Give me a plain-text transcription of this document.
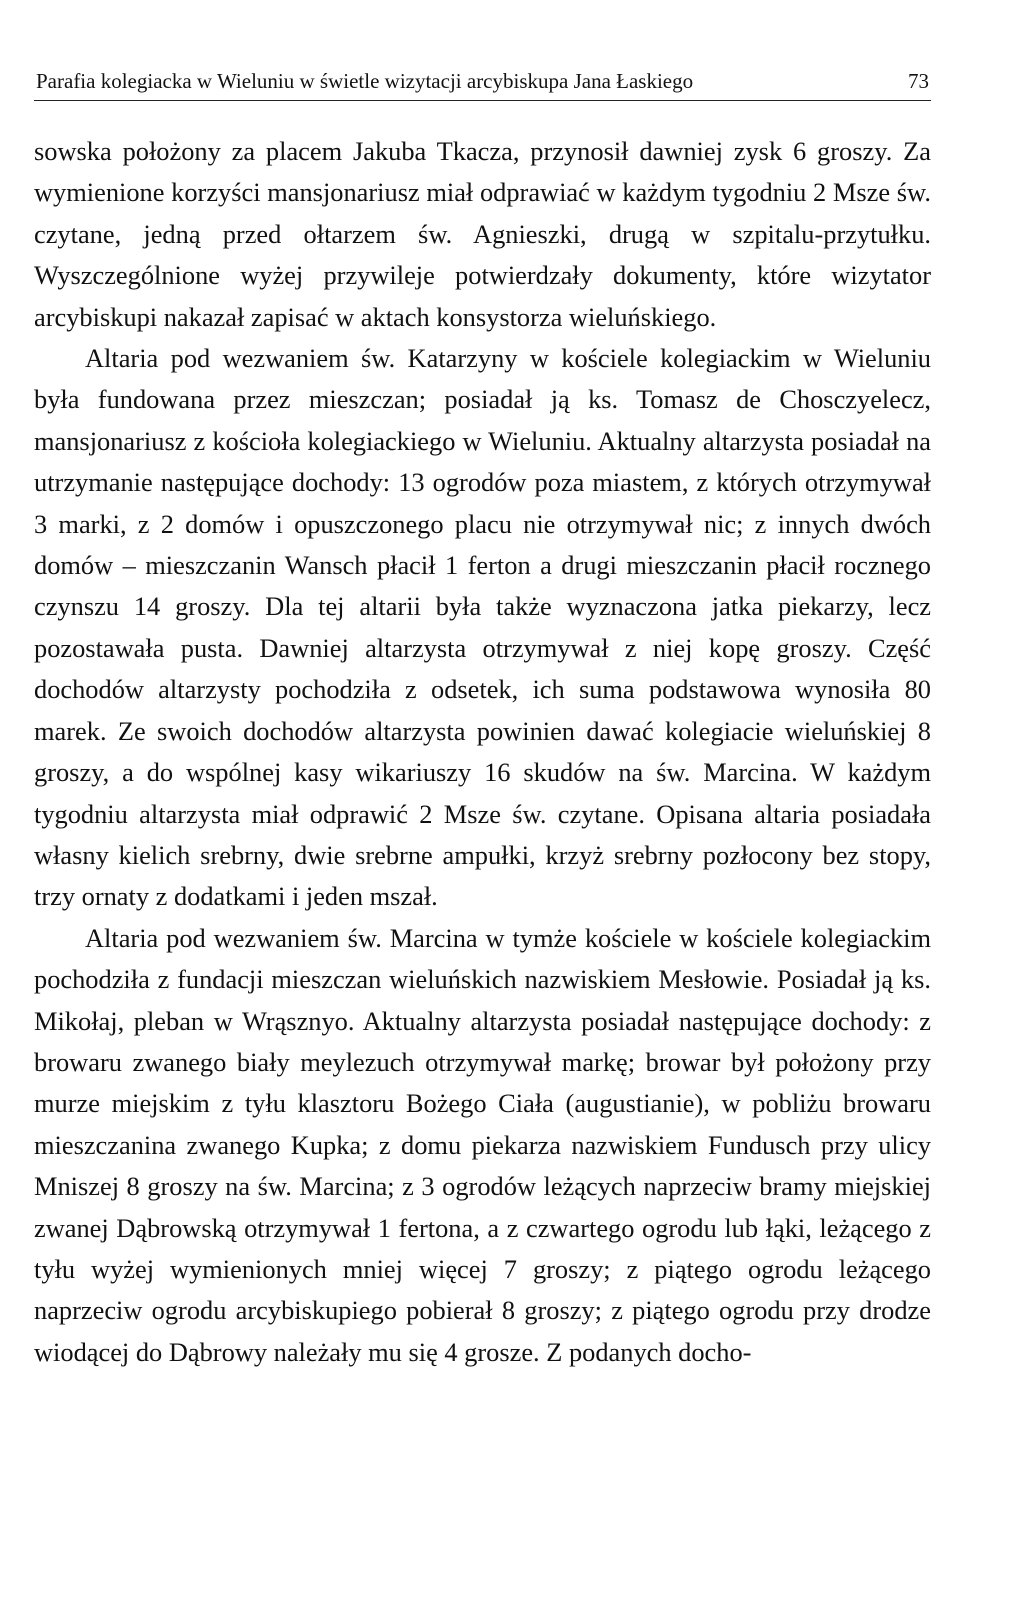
Parafia kolegiacka w Wieluniu w świetle wizytacji arcybiskupa Jana Łaskiego	73

sowska położony za placem Jakuba Tkacza, przynosił dawniej zysk 6 groszy. Za wymienione korzyści mansjonariusz miał odprawiać w każdym tygodniu 2 Msze św. czytane, jedną przed ołtarzem św. Agnieszki, drugą w szpitalu-przytułku. Wyszczególnione wyżej przywileje potwierdzały dokumenty, które wizytator arcybiskupi nakazał zapisać w aktach konsystorza wieluńskiego.

Altaria pod wezwaniem św. Katarzyny w kościele kolegiackim w Wieluniu była fundowana przez mieszczan; posiadał ją ks. Tomasz de Chosczyelecz, mansjonariusz z kościoła kolegiackiego w Wieluniu. Aktualny altarzysta posiadał na utrzymanie następujące dochody: 13 ogrodów poza miastem, z których otrzymywał 3 marki, z 2 domów i opuszczonego placu nie otrzymywał nic; z innych dwóch domów – mieszczanin Wansch płacił 1 ferton a drugi mieszczanin płacił rocznego czynszu 14 groszy. Dla tej altarii była także wyznaczona jatka piekarzy, lecz pozostawała pusta. Dawniej altarzysta otrzymywał z niej kopę groszy. Część dochodów altarzysty pochodziła z odsetek, ich suma podstawowa wynosiła 80 marek. Ze swoich dochodów altarzysta powinien dawać kolegiacie wieluńskiej 8 groszy, a do wspólnej kasy wikariuszy 16 skudów na św. Marcina. W każdym tygodniu altarzysta miał odprawić 2 Msze św. czytane. Opisana altaria posiadała własny kielich srebrny, dwie srebrne ampułki, krzyż srebrny pozłocony bez stopy, trzy ornaty z dodatkami i jeden mszał.

Altaria pod wezwaniem św. Marcina w tymże kościele w kościele kolegiackim pochodziła z fundacji mieszczan wieluńskich nazwiskiem Mesłowie. Posiadał ją ks. Mikołaj, pleban w Wrąsznyo. Aktualny altarzysta posiadał następujące dochody: z browaru zwanego biały meylezuch otrzymywał markę; browar był położony przy murze miejskim z tyłu klasztoru Bożego Ciała (augustianie), w pobliżu browaru mieszczanina zwanego Kupka; z domu piekarza nazwiskiem Fundusch przy ulicy Mniszej 8 groszy na św. Marcina; z 3 ogrodów leżących naprzeciw bramy miejskiej zwanej Dąbrowską otrzymywał 1 fertona, a z czwartego ogrodu lub łąki, leżącego z tyłu wyżej wymienionych mniej więcej 7 groszy; z piątego ogrodu leżącego naprzeciw ogrodu arcybiskupiego pobierał 8 groszy; z piątego ogrodu przy drodze wiodącej do Dąbrowy należały mu się 4 grosze. Z podanych docho-
